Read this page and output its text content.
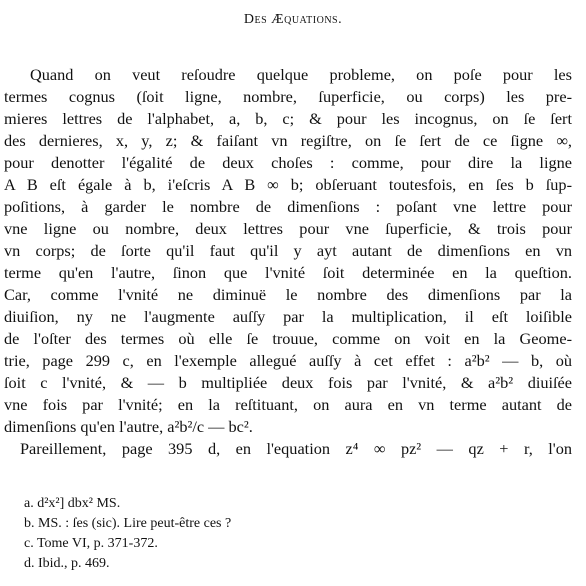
Des Æquations.
Quand on veut reſoudre quelque probleme, on poſe pour les
termes cognus (ſoit ligne, nombre, ſuperficie, ou corps) les pre-
mieres lettres de l'alphabet, a, b, c; & pour les incognus, on ſe ſert
des dernieres, x, y, z; & faiſant vn regiſtre, on ſe ſert de ce ſigne ∞,
pour denotter l'égalité de deux choſes : comme, pour dire la ligne
A B eſt égale à b, i'eſcris A B ∞ b; obſeruant toutesfois, en ſes b ſup-
poſitions, à garder le nombre de dimenſions : poſant vne lettre pour
vne ligne ou nombre, deux lettres pour vne ſuperficie, & trois pour
vn corps; de ſorte qu'il faut qu'il y ayt autant de dimenſions en vn
terme qu'en l'autre, ſinon que l'vnité ſoit determinée en la queſtion.
Car, comme l'vnité ne diminuë le nombre des dimenſions par la
diuiſion, ny ne l'augmente auſſy par la multiplication, il eſt loiſible
de l'oſter des termes où elle ſe trouue, comme on voit en la Geome-
trie, page 299 c, en l'exemple allegué auſſy à cet effet : a²b² — b, où
ſoit c l'vnité, & — b multipliée deux fois par l'vnité, & a²b² diuiſée
vne fois par l'vnité; en la reſtituant, on aura en vn terme autant de
dimenſions qu'en l'autre, a²b²/c — bc².
Pareillement, page 395 d, en l'equation z⁴ ∞ pz² — qz + r, l'on
a. d²x²] dbx² MS.
b. MS. : ſes (sic). Lire peut-être ces ?
c. Tome VI, p. 371-372.
d. Ibid., p. 469.
